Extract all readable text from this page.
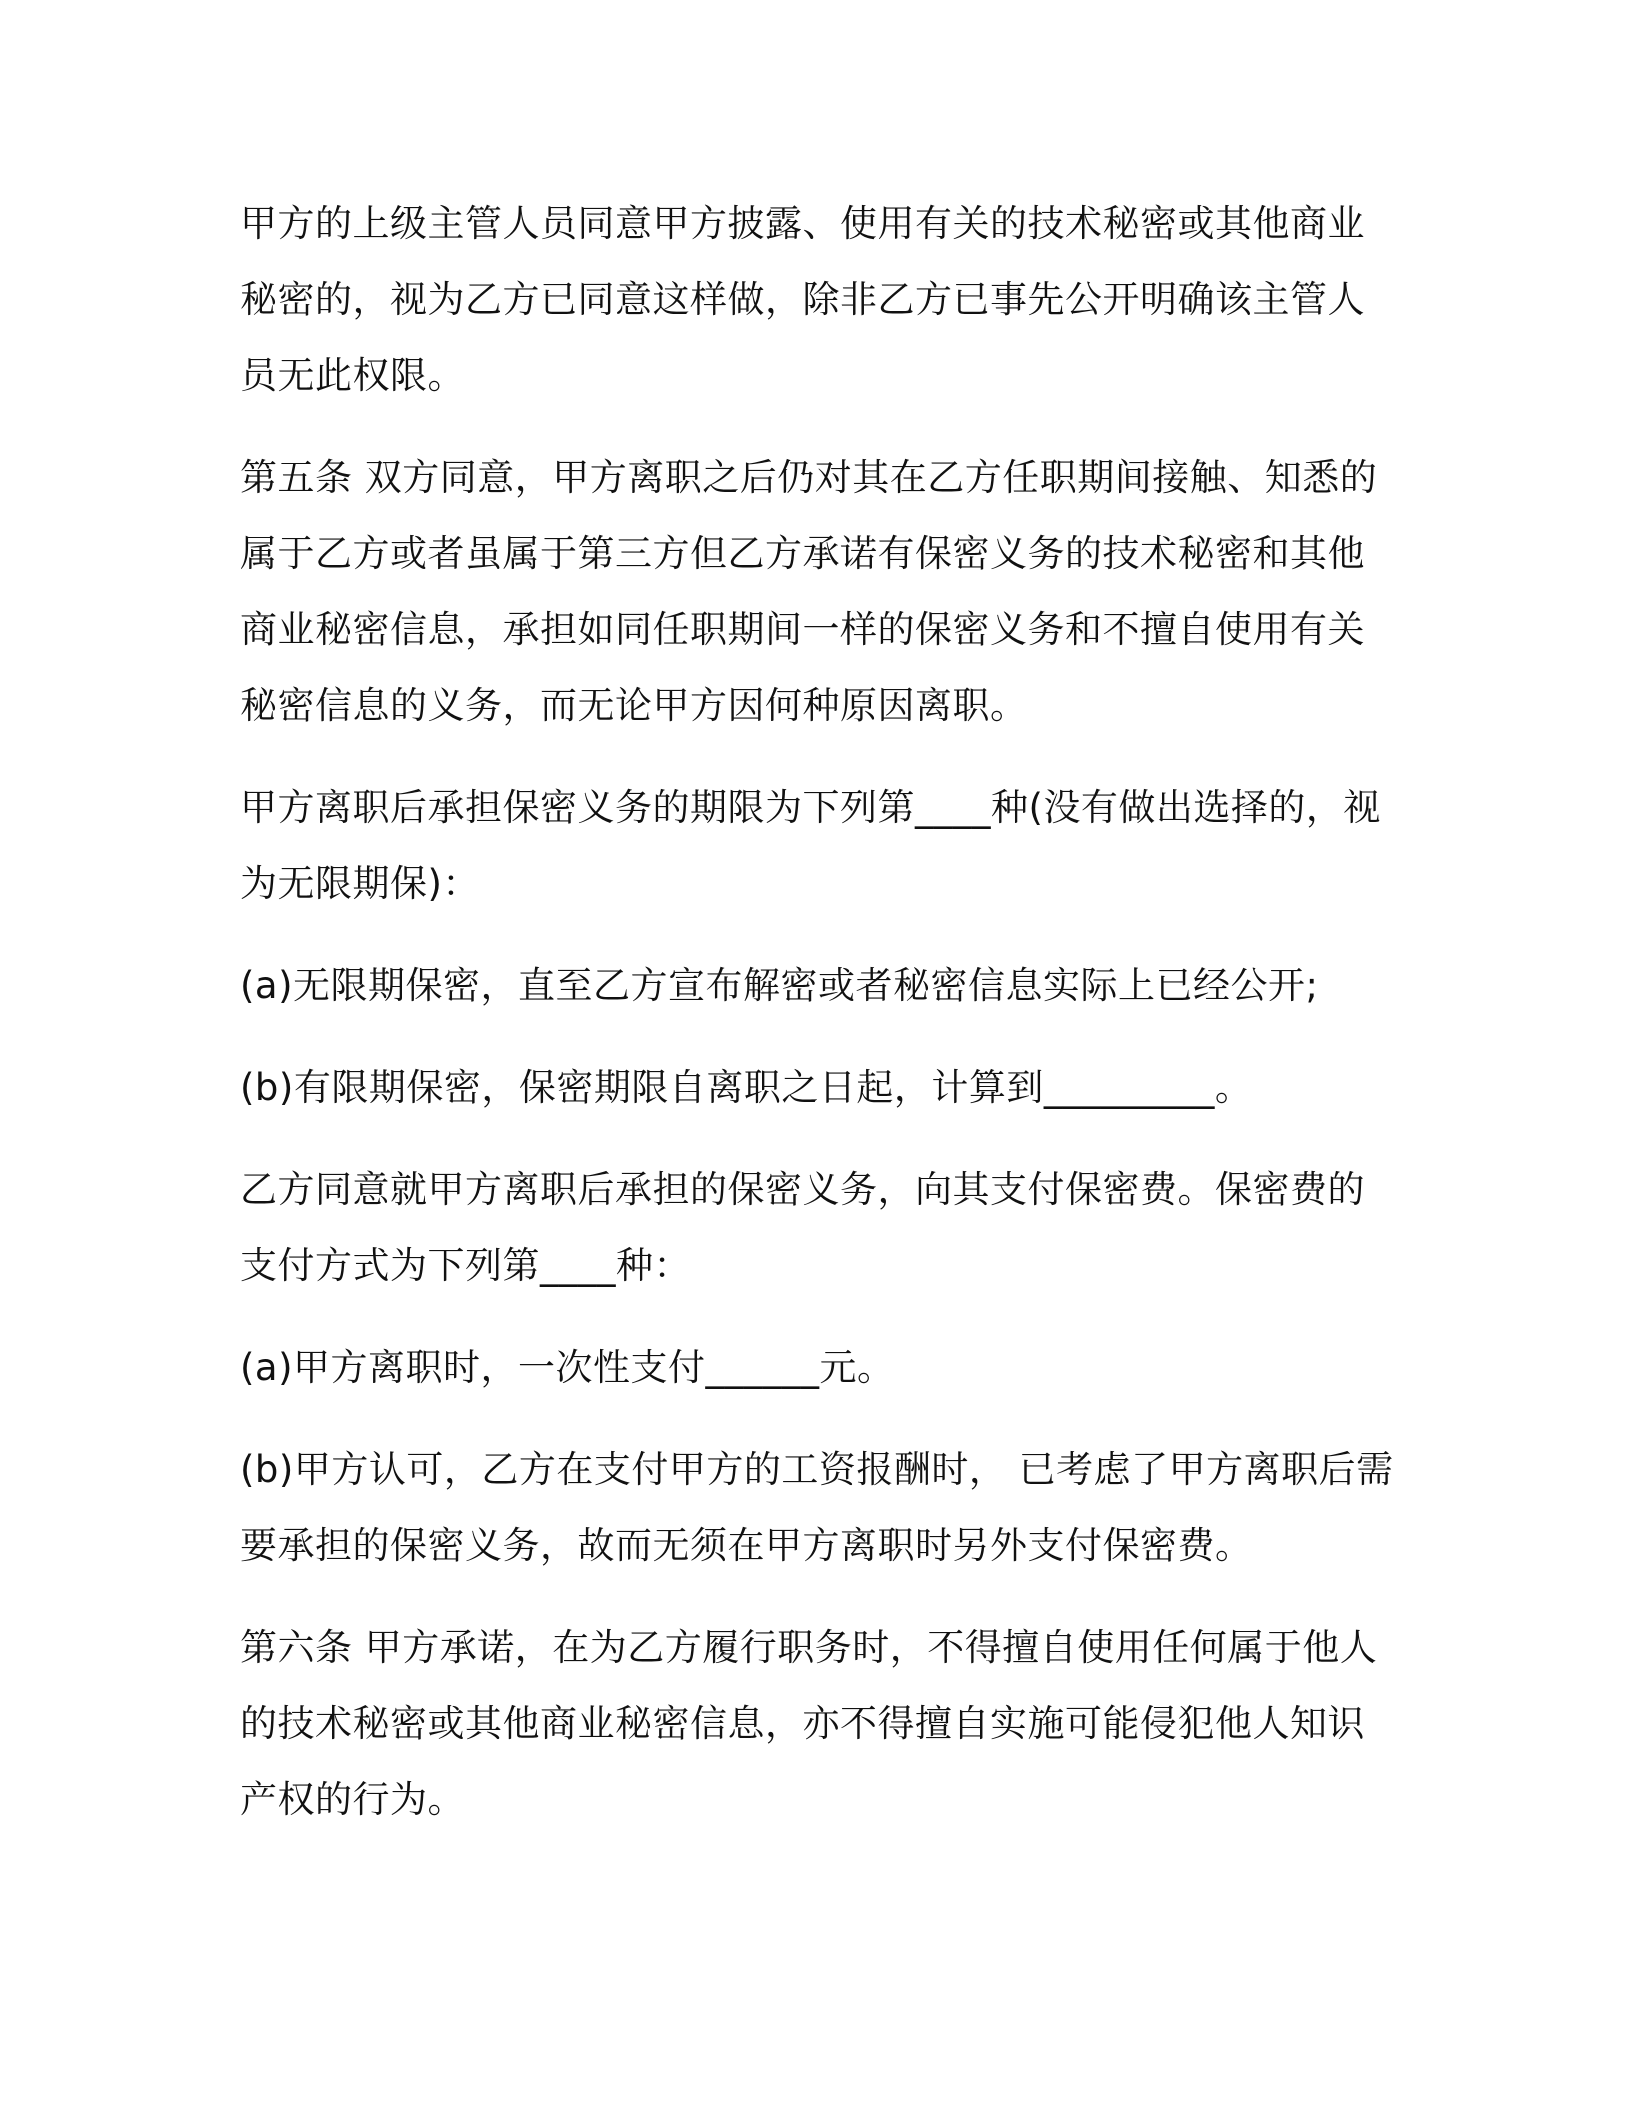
甲方的上级主管人员同意甲方披露、使用有关的技术秘密或其他商业
秘密的，视为乙方已同意这样做，除非乙方已事先公开明确该主管人
员无此权限。

第五条 双方同意，甲方离职之后仍对其在乙方任职期间接触、知悉的
属于乙方或者虽属于第三方但乙方承诺有保密义务的技术秘密和其他
商业秘密信息，承担如同任职期间一样的保密义务和不擅自使用有关
秘密信息的义务，而无论甲方因何种原因离职。

甲方离职后承担保密义务的期限为下列第____种(没有做出选择的，视
为无限期保)：

(a)无限期保密，直至乙方宣布解密或者秘密信息实际上已经公开;

(b)有限期保密，保密期限自离职之日起，计算到_________。

乙方同意就甲方离职后承担的保密义务，向其支付保密费。保密费的
支付方式为下列第____种：

(a)甲方离职时，一次性支付______元。

(b)甲方认可，乙方在支付甲方的工资报酬时， 已考虑了甲方离职后需
要承担的保密义务，故而无须在甲方离职时另外支付保密费。

第六条 甲方承诺，在为乙方履行职务时，不得擅自使用任何属于他人
的技术秘密或其他商业秘密信息，亦不得擅自实施可能侵犯他人知识
产权的行为。
